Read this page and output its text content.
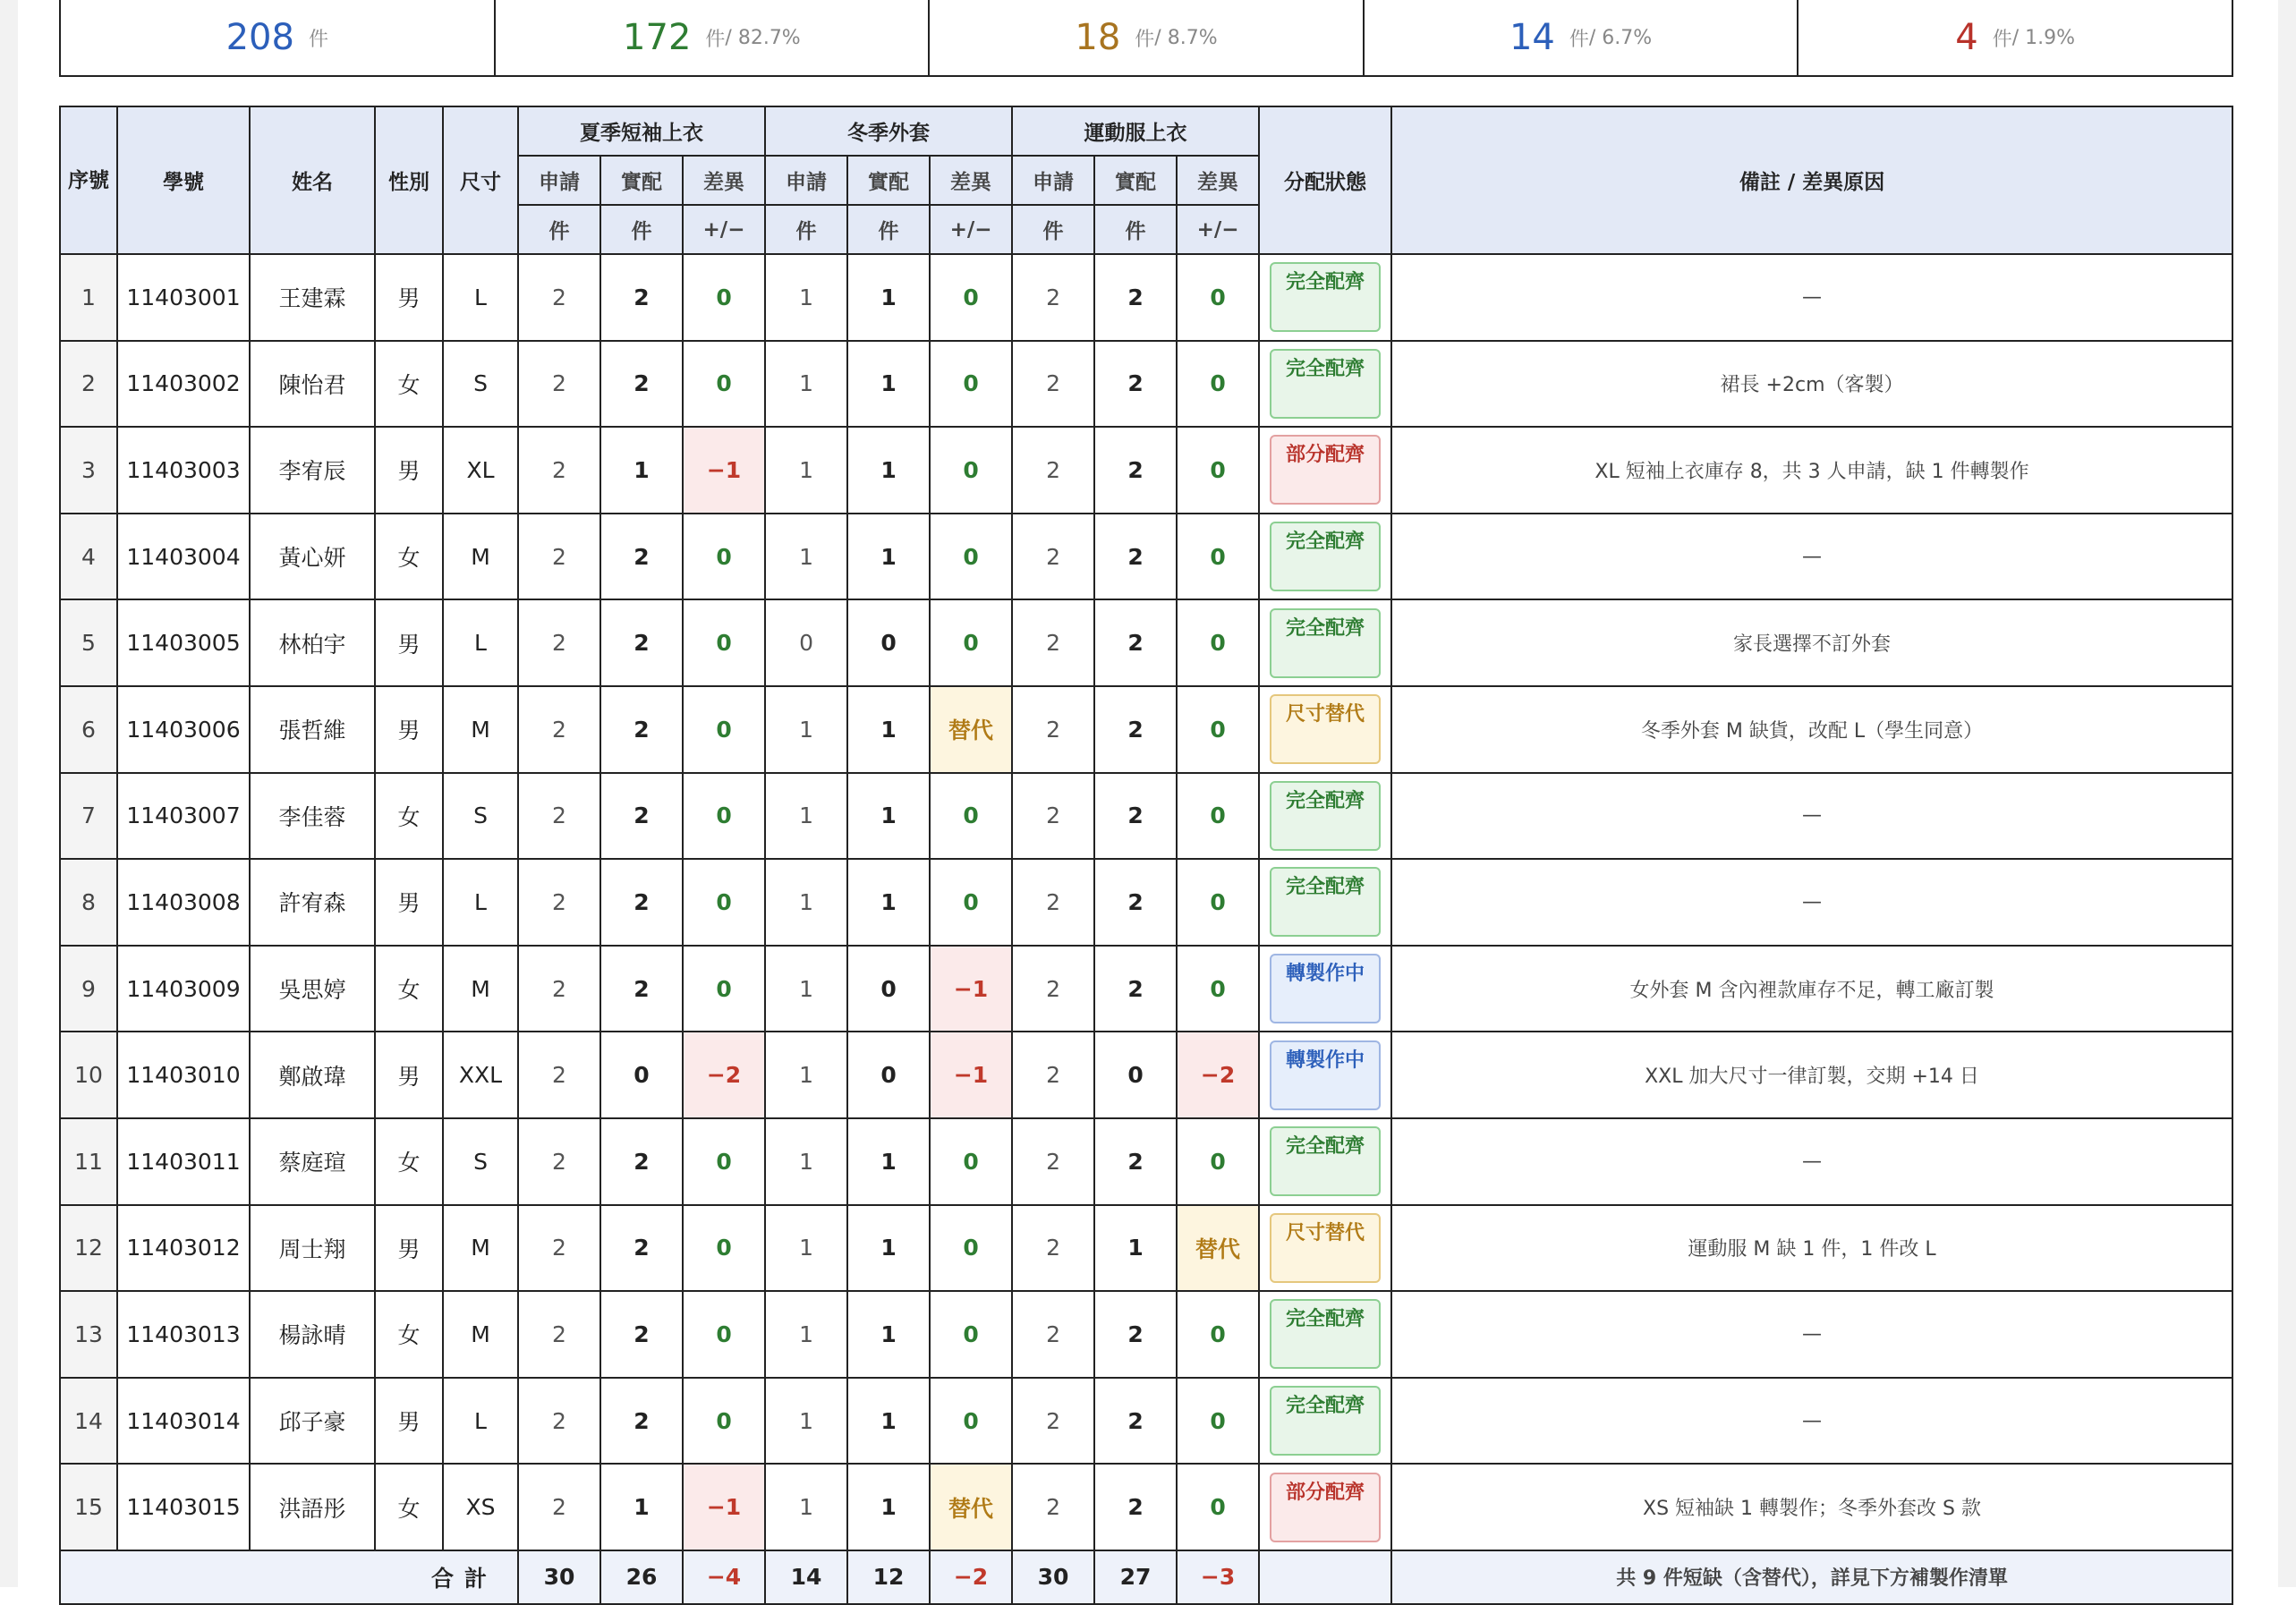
208 件	172 件 / 82.7%	18 件 / 8.7%	14 件 / 6.7%	4 件 / 1.9%
序號	學號	姓名	性別	尺寸	夏季短袖上衣			冬季外套			運動服上衣			分配狀態	備註 / 差異原因
					申請	實配	差異	申請	實配	差異	申請	實配	差異		
					件	件	+/−	件	件	+/−	件	件	+/−		
1	11403001	王建霖	男	L	2	2	0	1	1	0	2	2	0	完全配齊	—
2	11403002	陳怡君	女	S	2	2	0	1	1	0	2	2	0	完全配齊	裙長 +2cm（客製）
3	11403003	李宥辰	男	XL	2	1	−1	1	1	0	2	2	0	部分配齊	XL 短袖上衣庫存 8，共 3 人申請，缺 1 件轉製作
4	11403004	黃心妍	女	M	2	2	0	1	1	0	2	2	0	完全配齊	—
5	11403005	林柏宇	男	L	2	2	0	0	0	0	2	2	0	完全配齊	家長選擇不訂外套
6	11403006	張哲維	男	M	2	2	0	1	1	替代	2	2	0	尺寸替代	冬季外套 M 缺貨，改配 L（學生同意）
7	11403007	李佳蓉	女	S	2	2	0	1	1	0	2	2	0	完全配齊	—
8	11403008	許宥森	男	L	2	2	0	1	1	0	2	2	0	完全配齊	—
9	11403009	吳思婷	女	M	2	2	0	1	0	−1	2	2	0	轉製作中	女外套 M 含內裡款庫存不足，轉工廠訂製
10	11403010	鄭啟瑋	男	XXL	2	0	−2	1	0	−1	2	0	−2	轉製作中	XXL 加大尺寸一律訂製，交期 +14 日
11	11403011	蔡庭瑄	女	S	2	2	0	1	1	0	2	2	0	完全配齊	—
12	11403012	周士翔	男	M	2	2	0	1	1	0	2	1	替代	尺寸替代	運動服 M 缺 1 件，1 件改 L
13	11403013	楊詠晴	女	M	2	2	0	1	1	0	2	2	0	完全配齊	—
14	11403014	邱子豪	男	L	2	2	0	1	1	0	2	2	0	完全配齊	—
15	11403015	洪語彤	女	XS	2	1	−1	1	1	替代	2	2	0	部分配齊	XS 短袖缺 1 轉製作；冬季外套改 S 款
合計					30	26	−4	14	12	−2	30	27	−3		共 9 件短缺（含替代），詳見下方補製作清單
